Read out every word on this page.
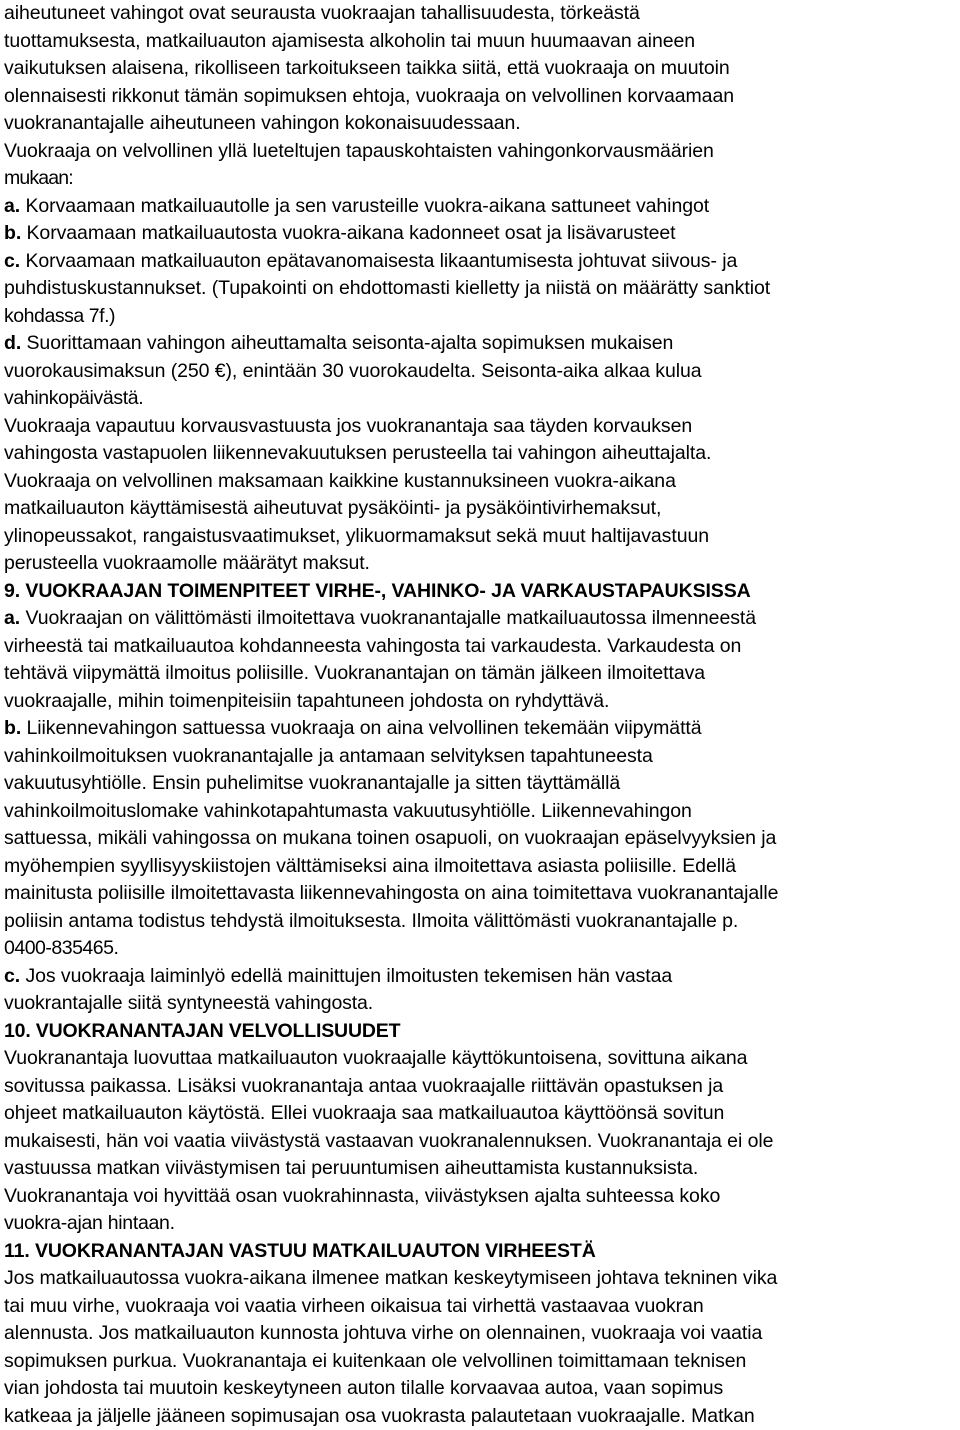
aiheutuneet vahingot ovat seurausta vuokraajan tahallisuudesta, törkeästä
tuottamuksesta, matkailuauton ajamisesta alkoholin tai muun huumaavan aineen
vaikutuksen alaisena, rikolliseen tarkoitukseen taikka siitä, että vuokraaja on muutoin
olennaisesti rikkonut tämän sopimuksen ehtoja, vuokraaja on velvollinen korvaamaan
vuokranantajalle aiheutuneen vahingon kokonaisuudessaan.
Vuokraaja on velvollinen yllä lueteltujen tapauskohtaisten vahingonkorvausmäärien
mukaan:
a. Korvaamaan matkailuautolle ja sen varusteille vuokra-aikana sattuneet vahingot
b. Korvaamaan matkailuautosta vuokra-aikana kadonneet osat ja lisävarusteet
c. Korvaamaan matkailuauton epätavanomaisesta likaantumisesta johtuvat siivous- ja
puhdistuskustannukset. (Tupakointi on ehdottomasti kielletty ja niistä on määrätty sanktiot
kohdassa 7f.)
d. Suorittamaan vahingon aiheuttamalta seisonta-ajalta sopimuksen mukaisen
vuorokausimaksun (250 €), enintään 30 vuorokaudelta. Seisonta-aika alkaa kulua
vahinkopäivästä.
Vuokraaja vapautuu korvausvastuusta jos vuokranantaja saa täyden korvauksen
vahingosta vastapuolen liikennevakuutuksen perusteella tai vahingon aiheuttajalta.
Vuokraaja on velvollinen maksamaan kaikkine kustannuksineen vuokra-aikana
matkailuauton käyttämisestä aiheutuvat pysäköinti- ja pysäköintivirhemaksut,
ylinopeussakot, rangaistusvaatimukset, ylikuormamaksut sekä muut haltijavastuun
perusteella vuokraamolle määrätyt maksut.
9. VUOKRAAJAN TOIMENPITEET VIRHE-, VAHINKO- JA VARKAUSTAPAUKSISSA
a. Vuokraajan on välittömästi ilmoitettava vuokranantajalle matkailuautossa ilmenneestä
virheestä tai matkailuautoa kohdanneesta vahingosta tai varkaudesta. Varkaudesta on
tehtävä viipymättä ilmoitus poliisille. Vuokranantajan on tämän jälkeen ilmoitettava
vuokraajalle, mihin toimenpiteisiin tapahtuneen johdosta on ryhdyttävä.
b. Liikennevahingon sattuessa vuokraaja on aina velvollinen tekemään viipymättä
vahinkoilmoituksen vuokranantajalle ja antamaan selvityksen tapahtuneesta
vakuutusyhtiölle. Ensin puhelimitse vuokranantajalle ja sitten täyttämällä
vahinkoilmoituslomake vahinkotapahtumasta vakuutusyhtiölle. Liikennevahingon
sattuessa, mikäli vahingossa on mukana toinen osapuoli, on vuokraajan epäselvyyksien ja
myöhempien syyllisyyskiistojen välttämiseksi aina ilmoitettava asiasta poliisille. Edellä
mainitusta poliisille ilmoitettavasta liikennevahingosta on aina toimitettava vuokranantajalle
poliisin antama todistus tehdystä ilmoituksesta. Ilmoita välittömästi vuokranantajalle p.
0400-835465.
c. Jos vuokraaja laiminlyö edellä mainittujen ilmoitusten tekemisen hän vastaa
vuokrantajalle siitä syntyneestä vahingosta.
10. VUOKRANANTAJAN VELVOLLISUUDET
Vuokranantaja luovuttaa matkailuauton vuokraajalle käyttökuntoisena, sovittuna aikana
sovitussa paikassa. Lisäksi vuokranantaja antaa vuokraajalle riittävän opastuksen ja
ohjeet matkailuauton käytöstä. Ellei vuokraaja saa matkailuautoa käyttöönsä sovitun
mukaisesti, hän voi vaatia viivästystä vastaavan vuokranalennuksen. Vuokranantaja ei ole
vastuussa matkan viivästymisen tai peruuntumisen aiheuttamista kustannuksista.
Vuokranantaja voi hyvittää osan vuokrahinnasta, viivästyksen ajalta suhteessa koko
vuokra-ajan hintaan.
11. VUOKRANANTAJAN VASTUU MATKAILUAUTON VIRHEESTÄ
Jos matkailuautossa vuokra-aikana ilmenee matkan keskeytymiseen johtava tekninen vika
tai muu virhe, vuokraaja voi vaatia virheen oikaisua tai virhettä vastaavaa vuokran
alennusta. Jos matkailuauton kunnosta johtuva virhe on olennainen, vuokraaja voi vaatia
sopimuksen purkua. Vuokranantaja ei kuitenkaan ole velvollinen toimittamaan teknisen
vian johdosta tai muutoin keskeytyneen auton tilalle korvaavaa autoa, vaan sopimus
katkeaa ja jäljelle jääneen sopimusajan osa vuokrasta palautetaan vuokraajalle. Matkan
